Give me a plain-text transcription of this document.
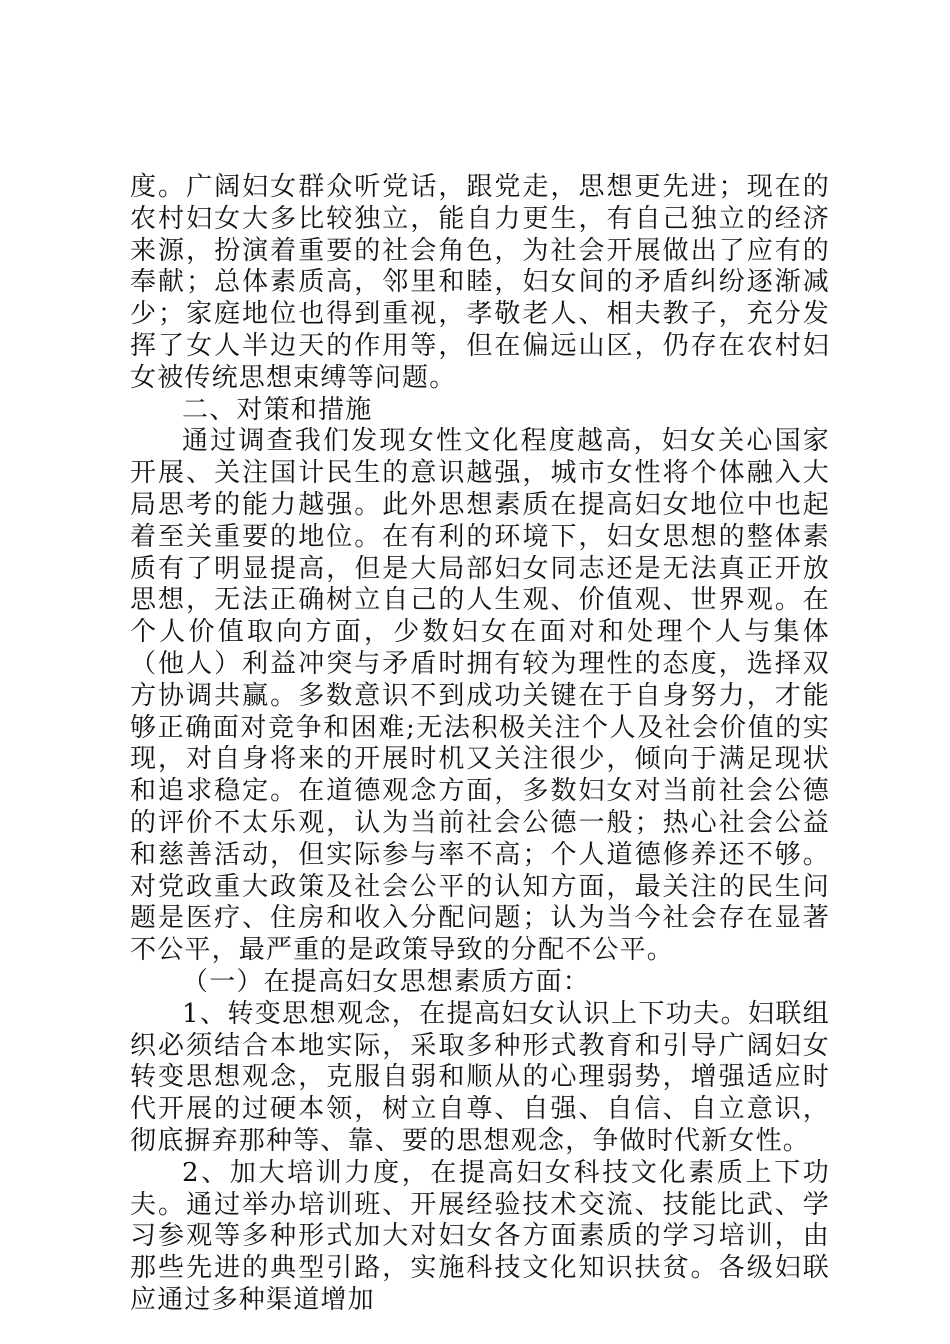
度。广阔妇女群众听党话，跟党走，思想更先进；现在的农村妇女大多比较独立，能自力更生，有自己独立的经济来源，扮演着重要的社会角色，为社会开展做出了应有的奉献；总体素质高，邻里和睦，妇女间的矛盾纠纷逐渐减少；家庭地位也得到重视，孝敬老人、相夫教子，充分发挥了女人半边天的作用等，但在偏远山区，仍存在农村妇女被传统思想束缚等问题。

二、对策和措施

通过调查我们发现女性文化程度越高，妇女关心国家开展、关注国计民生的意识越强，城市女性将个体融入大局思考的能力越强。此外思想素质在提高妇女地位中也起着至关重要的地位。在有利的环境下，妇女思想的整体素质有了明显提高，但是大局部妇女同志还是无法真正开放思想，无法正确树立自己的人生观、价值观、世界观。在个人价值取向方面，少数妇女在面对和处理个人与集体（他人）利益冲突与矛盾时拥有较为理性的态度，选择双方协调共赢。多数意识不到成功关键在于自身努力，才能够正确面对竞争和困难;无法积极关注个人及社会价值的实现，对自身将来的开展时机又关注很少，倾向于满足现状和追求稳定。在道德观念方面，多数妇女对当前社会公德的评价不太乐观，认为当前社会公德一般；热心社会公益和慈善活动，但实际参与率不高；个人道德修养还不够。对党政重大政策及社会公平的认知方面，最关注的民生问题是医疗、住房和收入分配问题；认为当今社会存在显著不公平，最严重的是政策导致的分配不公平。

（一）在提高妇女思想素质方面：

1、转变思想观念，在提高妇女认识上下功夫。妇联组织必须结合本地实际，采取多种形式教育和引导广阔妇女转变思想观念，克服自弱和顺从的心理弱势，增强适应时代开展的过硬本领，树立自尊、自强、自信、自立意识，彻底摒弃那种等、靠、要的思想观念，争做时代新女性。

2、加大培训力度，在提高妇女科技文化素质上下功夫。通过举办培训班、开展经验技术交流、技能比武、学习参观等多种形式加大对妇女各方面素质的学习培训，由那些先进的典型引路，实施科技文化知识扶贫。各级妇联应通过多种渠道增加
